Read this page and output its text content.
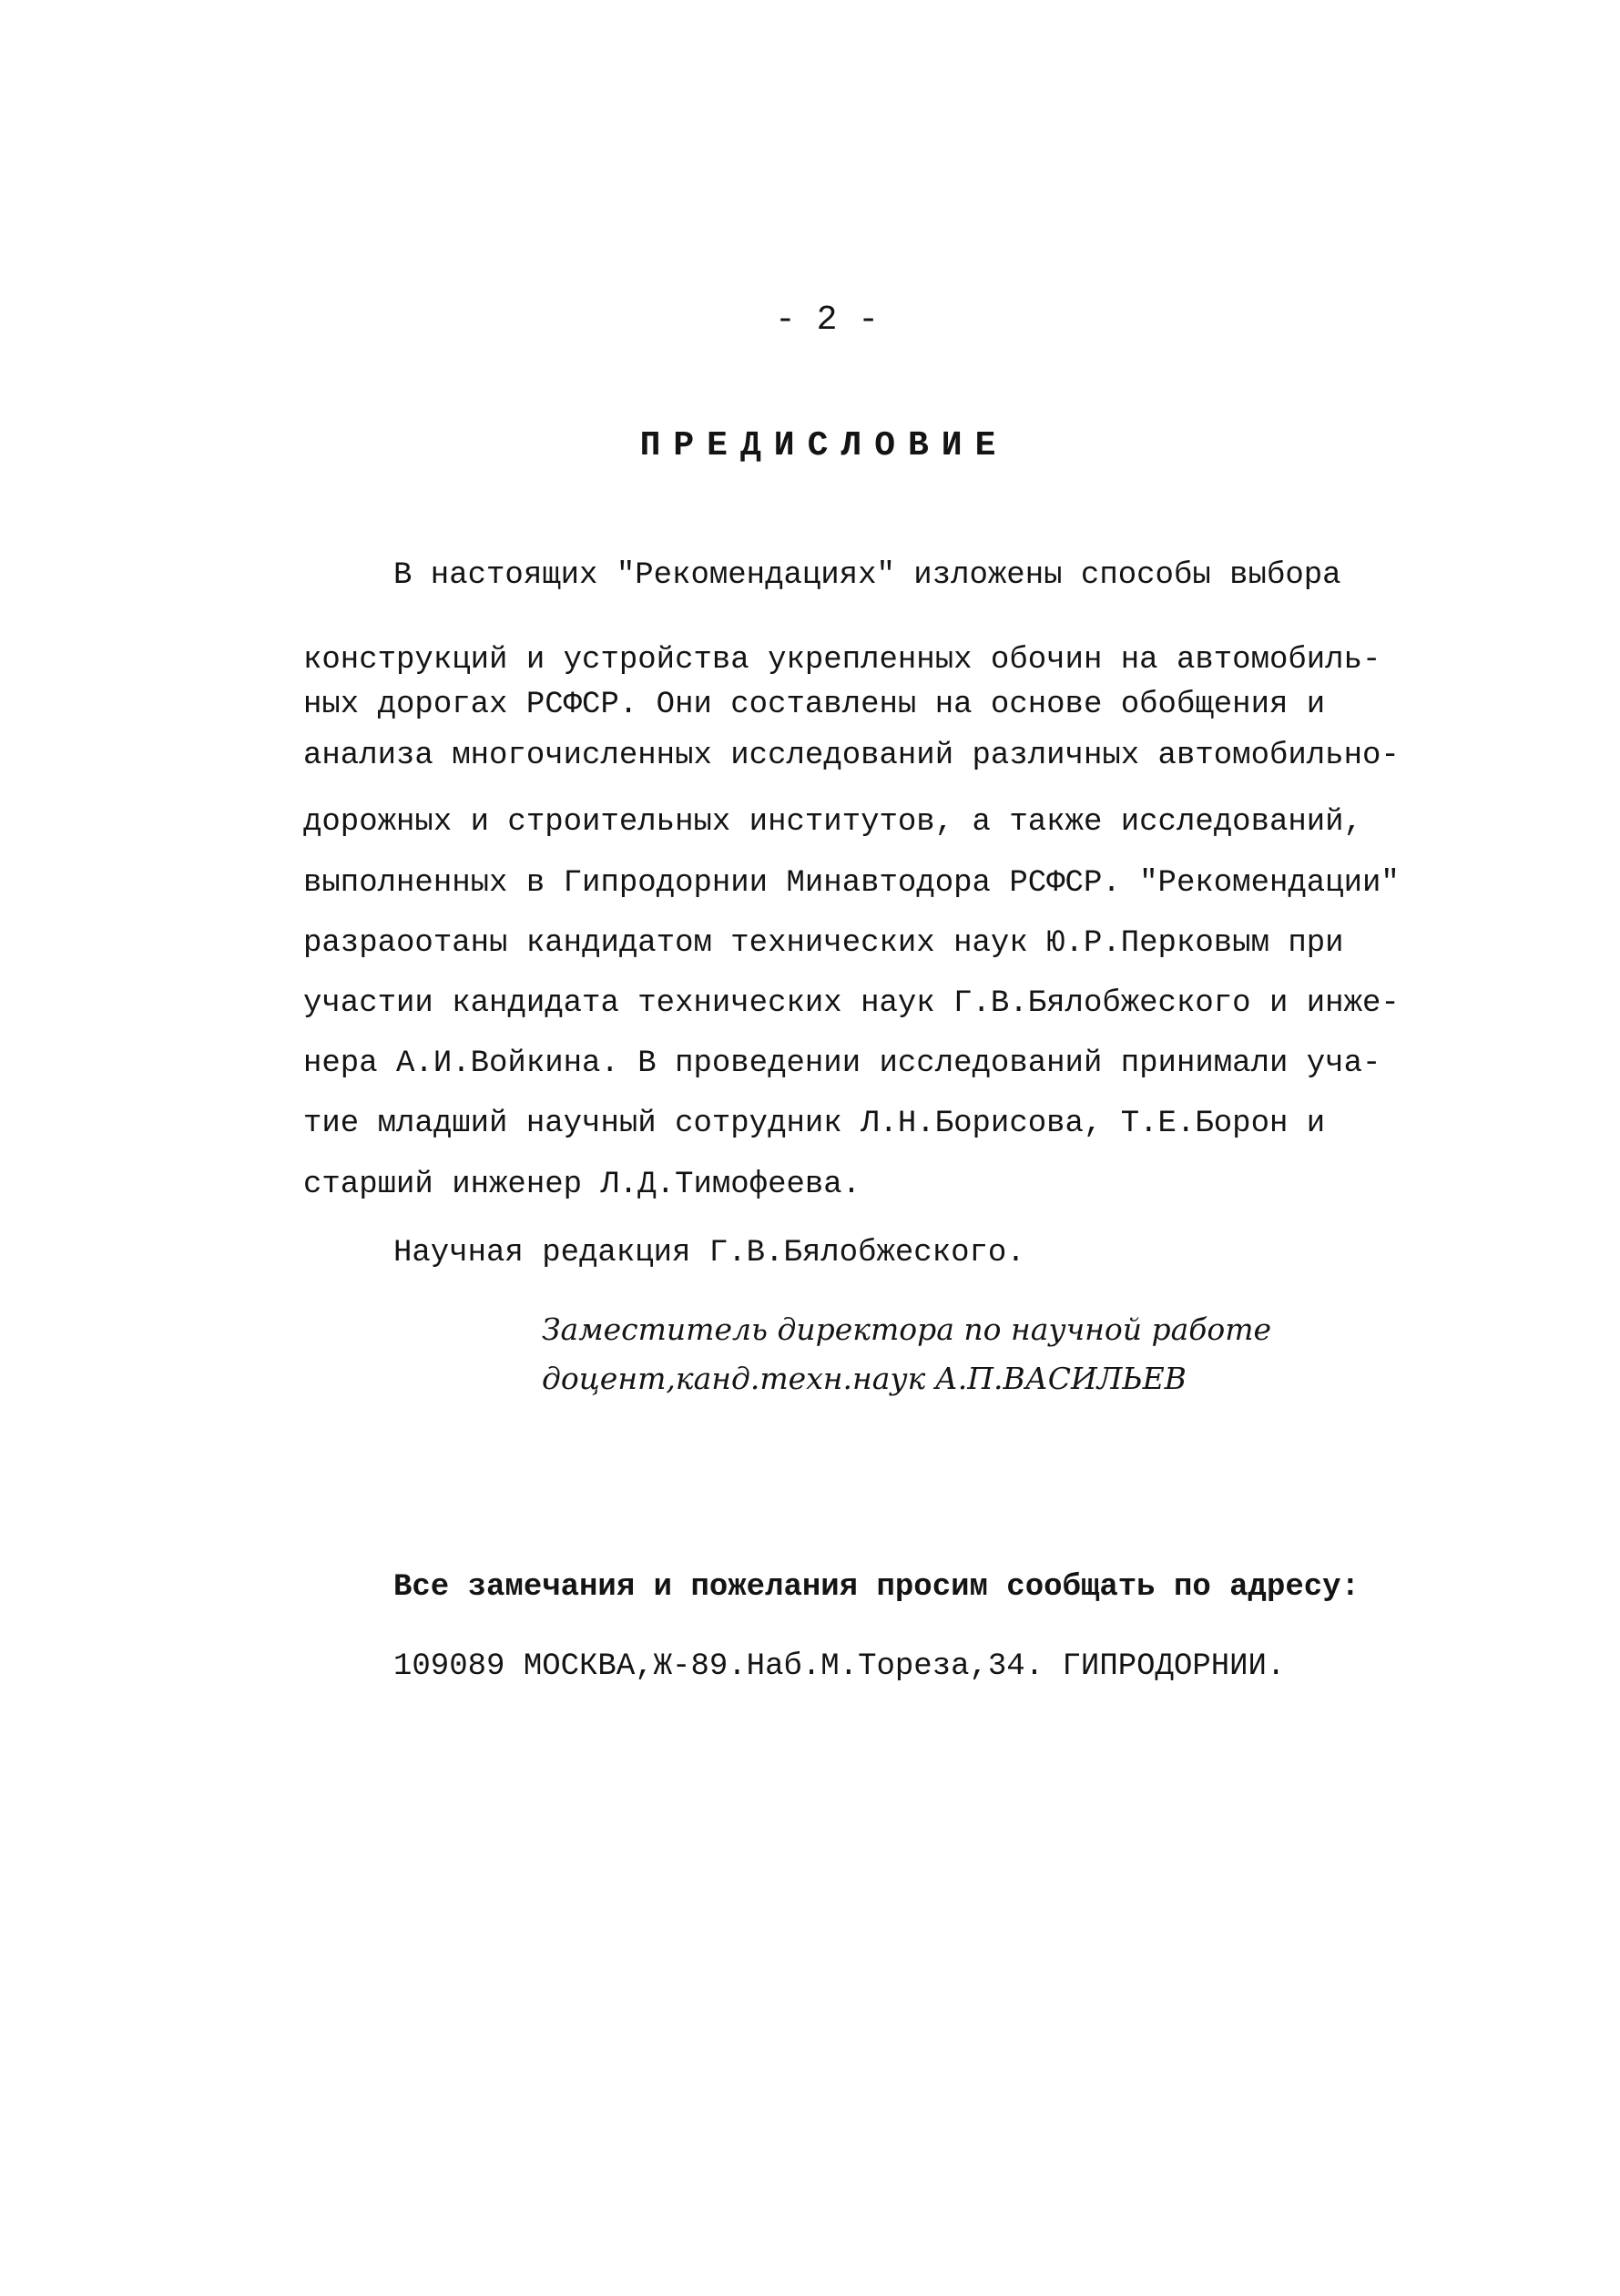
- 2 -
ПРЕДИСЛОВИЕ
В настоящих "Рекомендациях" изложены способы выбора
конструкций и устройства укрепленных обочин на автомобиль-
ных дорогах РСФСР. Они составлены на основе обобщения и
анализа многочисленных исследований различных автомобильно-
дорожных и строительных институтов, а также исследований,
выполненных в Гипродорнии Минавтодора РСФСР. "Рекомендации"
разраоотаны кандидатом технических наук Ю.Р.Перковым при
участии кандидата технических наук Г.В.Бялобжеского и инже-
нера А.И.Войкина. В проведении исследований принимали уча-
тие младший научный сотрудник Л.Н.Борисова, Т.Е.Борон и
старший инженер Л.Д.Тимофеева.
Научная редакция Г.В.Бялобжеского.
Заместитель директора по научной работе
доцент,канд.техн.наук А.П.ВАСИЛЬЕВ
Все замечания и пожелания просим сообщать по адресу:
109089 МОСКВА,Ж-89.Наб.М.Тореза,34. ГИПРОДОРНИИ.
